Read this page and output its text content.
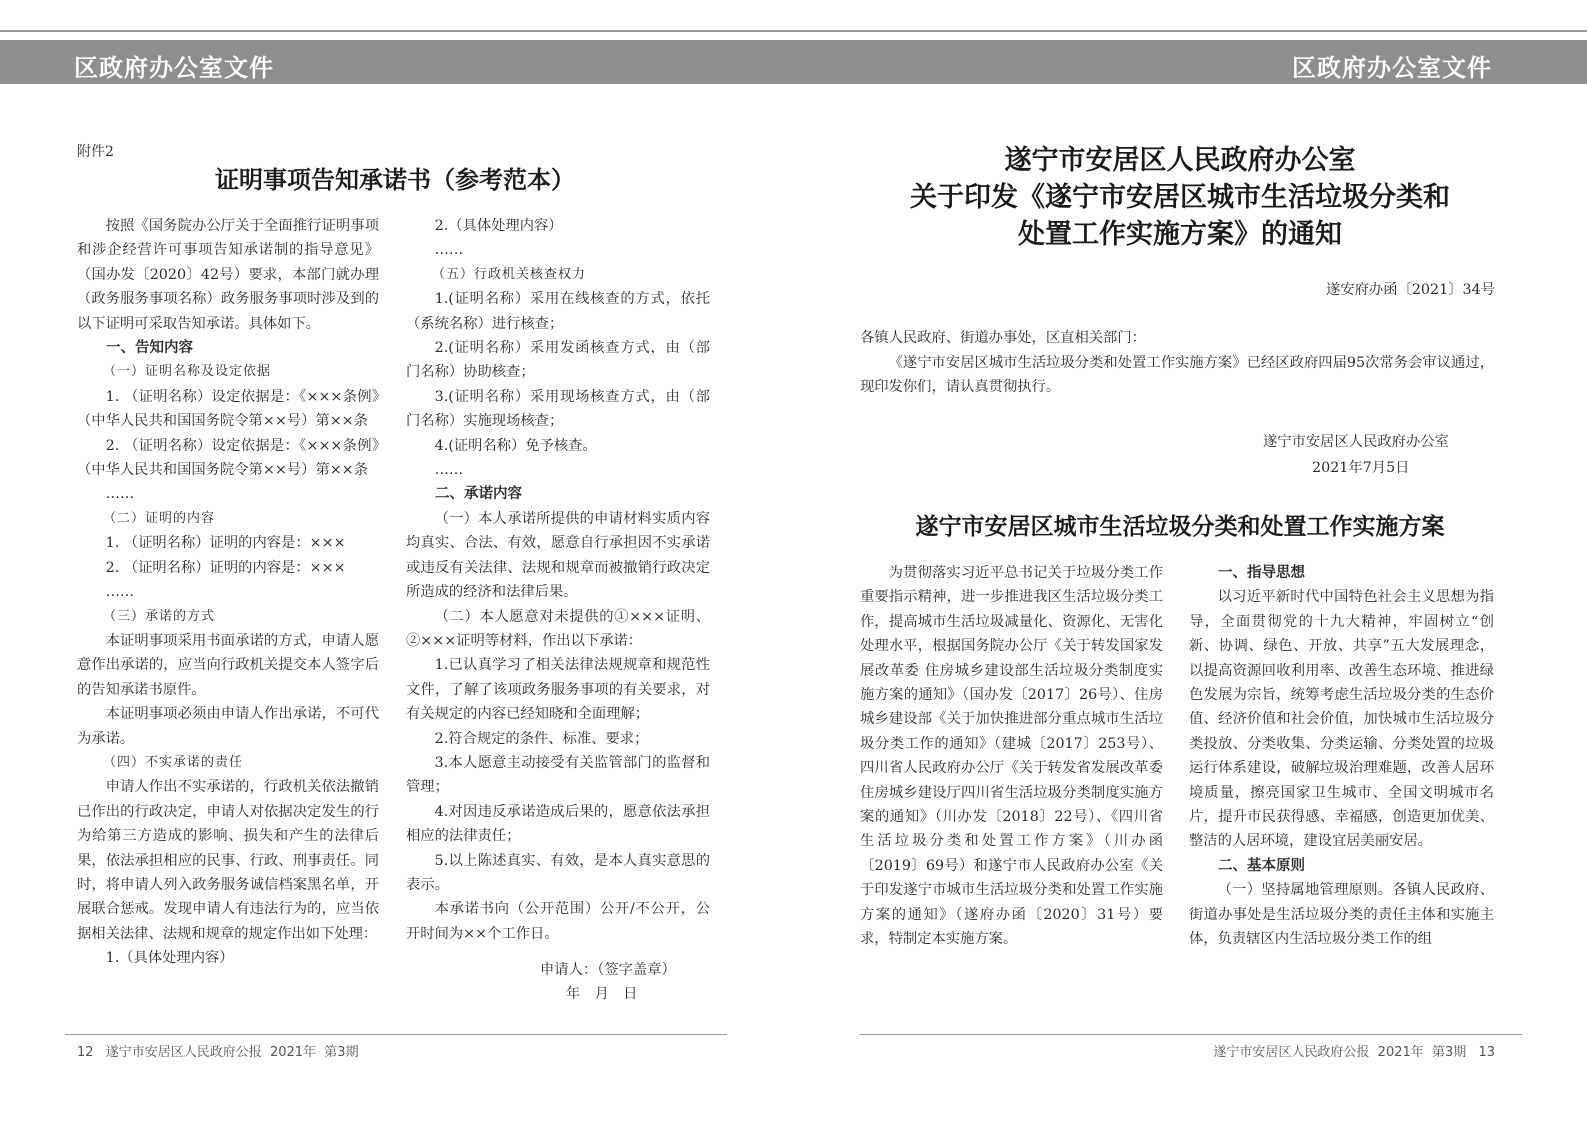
区政府办公室文件	区政府办公室文件
附件2
证明事项告知承诺书（参考范本）

按照《国务院办公厅关于全面推行证明事项和涉企经营许可事项告知承诺制的指导意见》（国办发〔2020〕42号）要求，本部门就办理（政务服务事项名称）政务服务事项时涉及到的以下证明可采取告知承诺。具体如下。

一、告知内容

（一）证明名称及设定依据

1. （证明名称）设定依据是：《×××条例》（中华人民共和国国务院令第××号）第××条

2. （证明名称）设定依据是：《×××条例》（中华人民共和国国务院令第××号）第××条

……

（二）证明的内容

1. （证明名称）证明的内容是：×××

2. （证明名称）证明的内容是：×××

……

（三）承诺的方式

本证明事项采用书面承诺的方式，申请人愿意作出承诺的，应当向行政机关提交本人签字后的告知承诺书原件。

本证明事项必须由申请人作出承诺，不可代为承诺。

（四）不实承诺的责任

申请人作出不实承诺的，行政机关依法撤销已作出的行政决定，申请人对依据决定发生的行为给第三方造成的影响、损失和产生的法律后果，依法承担相应的民事、行政、刑事责任。同时，将申请人列入政务服务诚信档案黑名单，开展联合惩戒。发现申请人有违法行为的，应当依据相关法律、法规和规章的规定作出如下处理：

1.（具体处理内容）

2.（具体处理内容）

……

（五）行政机关核查权力

1.(证明名称）采用在线核查的方式，依托（系统名称）进行核查；

2.(证明名称）采用发函核查方式，由（部门名称）协助核查；

3.(证明名称）采用现场核查方式，由（部门名称）实施现场核查；

4.(证明名称）免予核查。

……

二、承诺内容

（一）本人承诺所提供的申请材料实质内容均真实、合法、有效，愿意自行承担因不实承诺或违反有关法律、法规和规章而被撤销行政决定所造成的经济和法律后果。

（二）本人愿意对未提供的①×××证明、②×××证明等材料，作出以下承诺：

1.已认真学习了相关法律法规规章和规范性文件，了解了该项政务服务事项的有关要求，对有关规定的内容已经知晓和全面理解；

2.符合规定的条件、标准、要求；

3.本人愿意主动接受有关监管部门的监督和管理；

4.对因违反承诺造成后果的，愿意依法承担相应的法律责任；

5.以上陈述真实、有效，是本人真实意思的表示。

本承诺书向（公开范围）公开/不公开，公开时间为××个工作日。

申请人：（签字盖章）
年　月　日
遂宁市安居区人民政府办公室
关于印发《遂宁市安居区城市生活垃圾分类和
处置工作实施方案》的通知
遂安府办函〔2021〕34号
各镇人民政府、街道办事处，区直相关部门：

《遂宁市安居区城市生活垃圾分类和处置工作实施方案》已经区政府四届95次常务会审议通过，现印发你们，请认真贯彻执行。

遂宁市安居区人民政府办公室
2021年7月5日
遂宁市安居区城市生活垃圾分类和处置工作实施方案

为贯彻落实习近平总书记关于垃圾分类工作重要指示精神，进一步推进我区生活垃圾分类工作，提高城市生活垃圾减量化、资源化、无害化处理水平，根据国务院办公厅《关于转发国家发展改革委 住房城乡建设部生活垃圾分类制度实施方案的通知》（国办发〔2017〕26号）、住房城乡建设部《关于加快推进部分重点城市生活垃圾分类工作的通知》（建城〔2017〕253号）、四川省人民政府办公厅《关于转发省发展改革委 住房城乡建设厅四川省生活垃圾分类制度实施方案的通知》（川办发〔2018〕22号）、《四川省生活垃圾分类和处置工作方案》（川办函〔2019〕69号）和遂宁市人民政府办公室《关于印发遂宁市城市生活垃圾分类和处置工作实施方案的通知》（遂府办函〔2020〕31号）要求，特制定本实施方案。

一、指导思想

以习近平新时代中国特色社会主义思想为指导，全面贯彻党的十九大精神，牢固树立“创新、协调、绿色、开放、共享”五大发展理念，以提高资源回收利用率、改善生态环境、推进绿色发展为宗旨，统筹考虑生活垃圾分类的生态价值、经济价值和社会价值，加快城市生活垃圾分类投放、分类收集、分类运输、分类处置的垃圾运行体系建设，破解垃圾治理难题，改善人居环境质量，擦亮国家卫生城市、全国文明城市名片，提升市民获得感、幸福感，创造更加优美、整洁的人居环境，建设宜居美丽安居。

二、基本原则

（一）坚持属地管理原则。各镇人民政府、街道办事处是生活垃圾分类的责任主体和实施主体，负责辖区内生活垃圾分类工作的组

12 遂宁市安居区人民政府公报  2021年  第3期	遂宁市安居区人民政府公报  2021年  第3期 13
